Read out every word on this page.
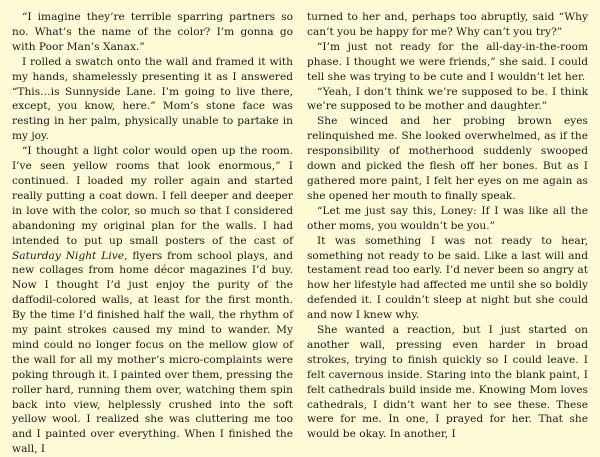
“I imagine they’re terrible sparring partners so no. What’s the name of the color? I’m gonna go with Poor Man’s Xanax.”

I rolled a swatch onto the wall and framed it with my hands, shamelessly presenting it as I answered “This…is Sunnyside Lane. I’m going to live there, except, you know, here.” Mom’s stone face was resting in her palm, physically unable to partake in my joy.

“I thought a light color would open up the room. I’ve seen yellow rooms that look enormous,” I continued. I loaded my roller again and started really putting a coat down. I fell deeper and deeper in love with the color, so much so that I considered abandoning my original plan for the walls. I had intended to put up small posters of the cast of Saturday Night Live, flyers from school plays, and new collages from home décor magazines I’d buy. Now I thought I’d just enjoy the purity of the daffodil-colored walls, at least for the first month. By the time I’d finished half the wall, the rhythm of my paint strokes caused my mind to wander. My mind could no longer focus on the mellow glow of the wall for all my mother’s micro-complaints were poking through it. I painted over them, pressing the roller hard, running them over, watching them spin back into view, helplessly crushed into the soft yellow wool. I realized she was cluttering me too and I painted over everything. When I finished the wall, I

turned to her and, perhaps too abruptly, said “Why can’t you be happy for me? Why can’t you try?”

“I’m just not ready for the all-day-in-the-room phase. I thought we were friends,” she said. I could tell she was trying to be cute and I wouldn’t let her.

“Yeah, I don’t think we’re supposed to be. I think we’re supposed to be mother and daughter.”

She winced and her probing brown eyes relinquished me. She looked overwhelmed, as if the responsibility of motherhood suddenly swooped down and picked the flesh off her bones. But as I gathered more paint, I felt her eyes on me again as she opened her mouth to finally speak.

“Let me just say this, Loney: If I was like all the other moms, you wouldn’t be you.”

It was something I was not ready to hear, something not ready to be said. Like a last will and testament read too early. I’d never been so angry at how her lifestyle had affected me until she so boldly defended it. I couldn’t sleep at night but she could and now I knew why.

She wanted a reaction, but I just started on another wall, pressing even harder in broad strokes, trying to finish quickly so I could leave. I felt cavernous inside. Staring into the blank paint, I felt cathedrals build inside me. Knowing Mom loves cathedrals, I didn’t want her to see these. These were for me. In one, I prayed for her. That she would be okay. In another, I
